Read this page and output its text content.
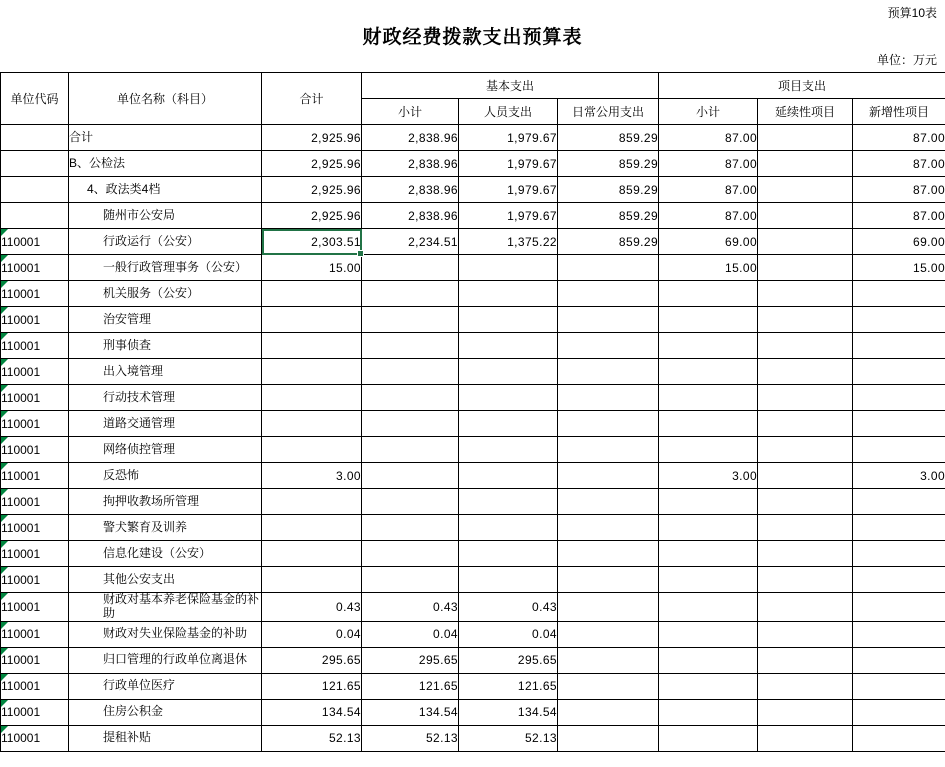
预算10表
财政经费拨款支出预算表
单位：万元
单位代码	单位名称（科目）	合计	基本支出			项目支出		
			小计	人员支出	日常公用支出	小计	延续性项目	新增性项目
	合计	2,925.96	2,838.96	1,979.67	859.29	87.00		87.00
	B、公检法	2,925.96	2,838.96	1,979.67	859.29	87.00		87.00
	4、政法类4档	2,925.96	2,838.96	1,979.67	859.29	87.00		87.00
	随州市公安局	2,925.96	2,838.96	1,979.67	859.29	87.00		87.00
110001	行政运行（公安）	2,303.51	2,234.51	1,375.22	859.29	69.00		69.00
110001	一般行政管理事务（公安）	15.00				15.00		15.00
110001	机关服务（公安）							
110001	治安管理							
110001	刑事侦查							
110001	出入境管理							
110001	行动技术管理							
110001	道路交通管理							
110001	网络侦控管理							
110001	反恐怖	3.00				3.00		3.00
110001	拘押收教场所管理							
110001	警犬繁育及训养							
110001	信息化建设（公安）							
110001	其他公安支出							
110001	财政对基本养老保险基金的补助	0.43	0.43	0.43				
110001	财政对失业保险基金的补助	0.04	0.04	0.04				
110001	归口管理的行政单位离退休	295.65	295.65	295.65				
110001	行政单位医疗	121.65	121.65	121.65				
110001	住房公积金	134.54	134.54	134.54				
110001	提租补贴	52.13	52.13	52.13				
